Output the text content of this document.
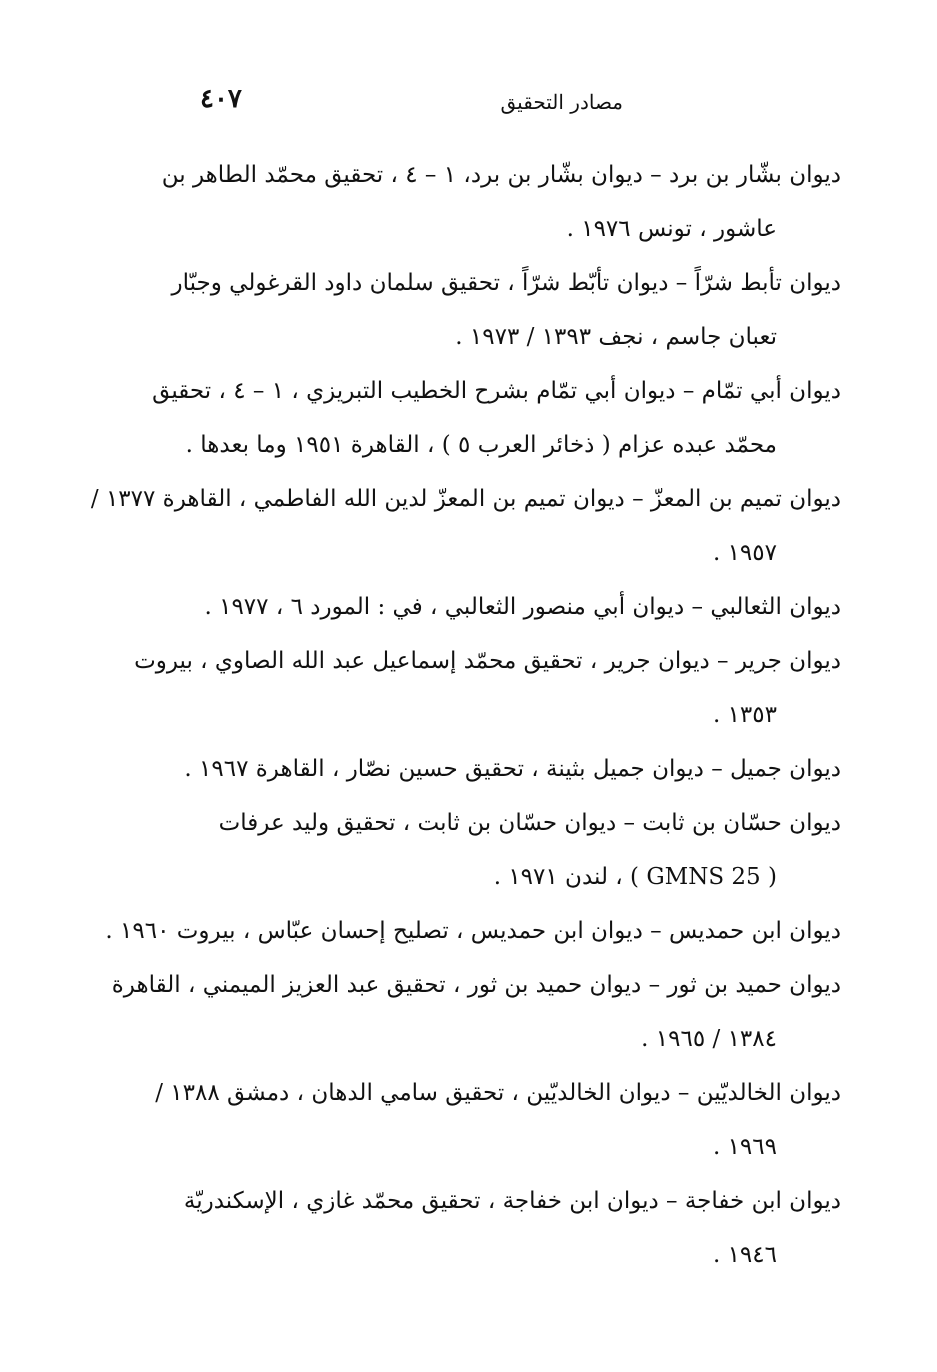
مصادر التحقيق
٤٠٧
ديوان بشّار بن برد – ديوان بشّار بن برد، ١ – ٤ ، تحقيق محمّد الطاهر بن
عاشور ، تونس ١٩٧٦ .
ديوان تأبط شرّاً – ديوان تأبّط شرّاً ، تحقيق سلمان داود القرغولي وجبّار
تعبان جاسم ، نجف ١٣٩٣ / ١٩٧٣ .
ديوان أبي تمّام – ديوان أبي تمّام بشرح الخطيب التبريزي ، ١ – ٤ ، تحقيق
محمّد عبده عزام ( ذخائر العرب ٥ ) ، القاهرة ١٩٥١ وما بعدها .
ديوان تميم بن المعزّ – ديوان تميم بن المعزّ لدين الله الفاطمي ، القاهرة ١٣٧٧ /
١٩٥٧ .
ديوان الثعالبي – ديوان أبي منصور الثعالبي ، في : المورد ٦ ، ١٩٧٧ .
ديوان جرير – ديوان جرير ، تحقيق محمّد إسماعيل عبد الله الصاوي ، بيروت
١٣٥٣ .
ديوان جميل – ديوان جميل بثينة ، تحقيق حسين نصّار ، القاهرة ١٩٦٧ .
ديوان حسّان بن ثابت – ديوان حسّان بن ثابت ، تحقيق وليد عرفات
( GMNS 25 ) ، لندن ١٩٧١ .
ديوان ابن حمديس – ديوان ابن حمديس ، تصليح إحسان عبّاس ، بيروت ١٩٦٠ .
ديوان حميد بن ثور – ديوان حميد بن ثور ، تحقيق عبد العزيز الميمني ، القاهرة
١٣٨٤ / ١٩٦٥ .
ديوان الخالديّين – ديوان الخالديّين ، تحقيق سامي الدهان ، دمشق ١٣٨٨ /
١٩٦٩ .
ديوان ابن خفاجة – ديوان ابن خفاجة ، تحقيق محمّد غازي ، الإسكندريّة
١٩٤٦ .
